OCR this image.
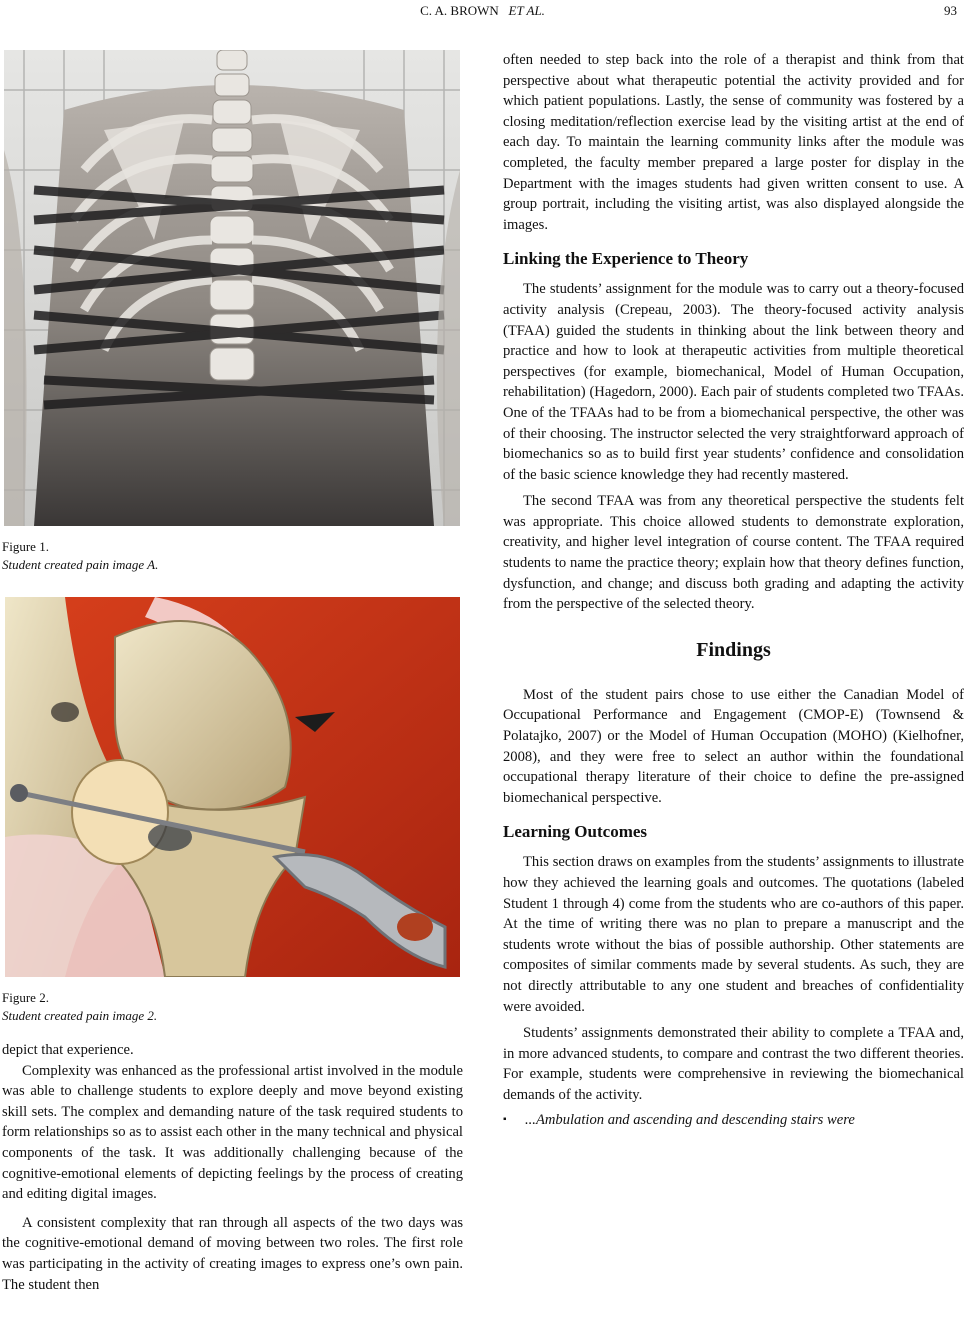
C. A. BROWN ET AL.	93

Figure 1.
Student created pain image A.

Figure 2.
Student created pain image 2.

depict that experience.

Complexity was enhanced as the professional artist involved in the module was able to challenge students to explore deeply and move beyond existing skill sets. The complex and demanding nature of the task required students to form relationships so as to assist each other in the many technical and physical components of the task. It was additionally challenging because of the cognitive-emotional elements of depicting feelings by the process of creating and editing digital images.

A consistent complexity that ran through all aspects of the two days was the cognitive-emotional demand of moving between two roles. The first role was participating in the activity of creating images to express one’s own pain. The student then

often needed to step back into the role of a therapist and think from that perspective about what therapeutic potential the activity provided and for which patient populations. Lastly, the sense of community was fostered by a closing meditation/reflection exercise lead by the visiting artist at the end of each day. To maintain the learning community links after the module was completed, the faculty member prepared a large poster for display in the Department with the images students had given written consent to use. A group portrait, including the visiting artist, was also displayed alongside the images.

Linking the Experience to Theory

The students’ assignment for the module was to carry out a theory-focused activity analysis (Crepeau, 2003). The theory-focused activity analysis (TFAA) guided the students in thinking about the link between theory and practice and how to look at therapeutic activities from multiple theoretical perspectives (for example, biomechanical, Model of Human Occupation, rehabilitation) (Hagedorn, 2000). Each pair of students completed two TFAAs. One of the TFAAs had to be from a biomechanical perspective, the other was of their choosing. The instructor selected the very straightforward approach of biomechanics so as to build first year students’ confidence and consolidation of the basic science knowledge they had recently mastered.

The second TFAA was from any theoretical perspective the students felt was appropriate. This choice allowed students to demonstrate exploration, creativity, and higher level integration of course content. The TFAA required students to name the practice theory; explain how that theory defines function, dysfunction, and change; and discuss both grading and adapting the activity from the perspective of the selected theory.

Findings

Most of the student pairs chose to use either the Canadian Model of Occupational Performance and Engagement (CMOP-E) (Townsend & Polatajko, 2007) or the Model of Human Occupation (MOHO) (Kielhofner, 2008), and they were free to select an author within the foundational occupational therapy literature of their choice to define the pre-assigned biomechanical perspective.

Learning Outcomes

This section draws on examples from the students’ assignments to illustrate how they achieved the learning goals and outcomes. The quotations (labeled Student 1 through 4) come from the students who are co-authors of this paper. At the time of writing there was no plan to prepare a manuscript and the students wrote without the bias of possible authorship. Other statements are composites of similar comments made by several students. As such, they are not directly attributable to any one student and breaches of confidentiality were avoided.

Students’ assignments demonstrated their ability to complete a TFAA and, in more advanced students, to compare and contrast the two different theories. For example, students were comprehensive in reviewing the biomechanical demands of the activity.

▪	...Ambulation and ascending and descending stairs were
